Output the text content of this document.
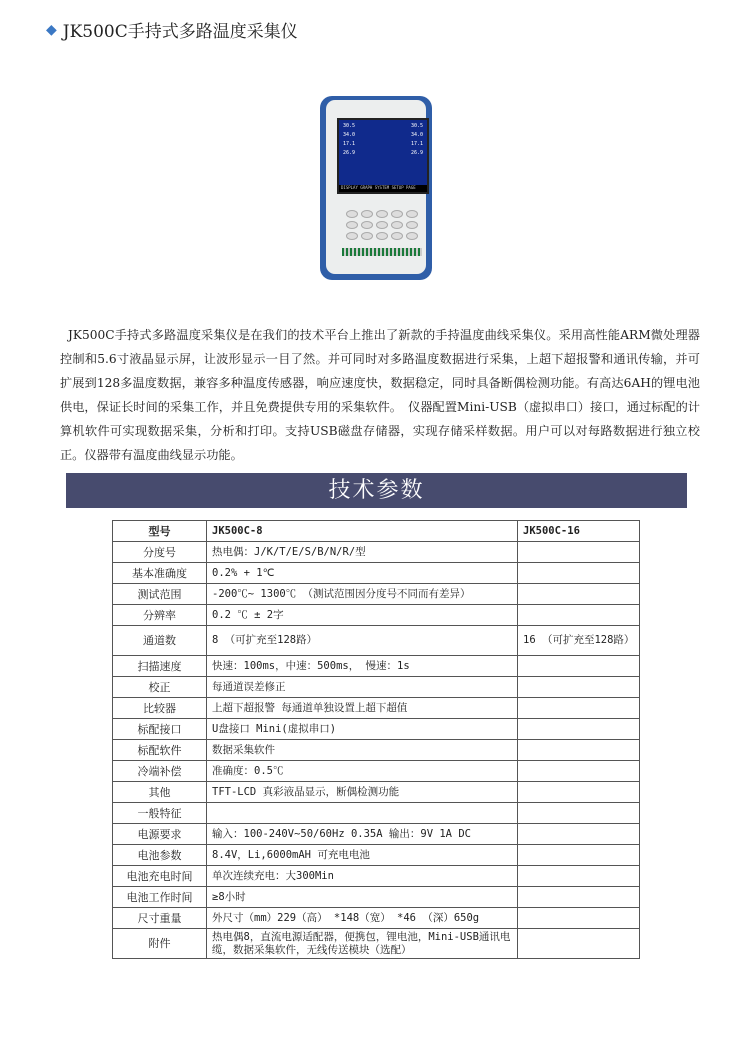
◆ JK500C手持式多路温度采集仪
30.5	30.5
34.0	34.0
17.1	17.1
26.9	26.9
DISPLAY GRAPH SYSTEM SETUP PAGE
JK500C手持式多路温度采集仪是在我们的技术平台上推出了新款的手持温度曲线采集仪。采用高性能ARM微处理器控制和5.6寸液晶显示屏，让波形显示一目了然。并可同时对多路温度数据进行采集，上超下超报警和通讯传输，并可扩展到128多温度数据，兼容多种温度传感器，响应速度快，数据稳定，同时具备断偶检测功能。有高达6AH的锂电池供电，保证长时间的采集工作，并且免费提供专用的采集软件。　仪器配置Mini-USB（虚拟串口）接口，通过标配的计算机软件可实现数据采集，分析和打印。支持USB磁盘存储器，实现存储采样数据。用户可以对每路数据进行独立校正。仪器带有温度曲线显示功能。
技术参数
型号	JK500C-8	JK500C-16
分度号	热电偶：J/K/T/E/S/B/N/R/型	
基本准确度	0.2% + 1℃	
测试范围	-200℃~ 1300℃ （测试范围因分度号不同而有差异）	
分辨率	0.2 ℃ ± 2字	
通道数	8 （可扩充至128路）	16 （可扩充至128路）
扫描速度	快速：100ms，中速：500ms， 慢速：1s	
校正	每通道误差修正	
比较器	上超下超报警 每通道单独设置上超下超值	
标配接口	U盘接口 Mini(虚拟串口)	
标配软件	数据采集软件	
冷端补偿	准确度：0.5℃	
其他	TFT-LCD 真彩液晶显示，断偶检测功能	
一般特征		
电源要求	输入：100-240V~50/60Hz 0.35A 输出：9V 1A DC	
电池参数	8.4V，Li,6000mAH 可充电电池	
电池充电时间	单次连续充电：大300Min	
电池工作时间	≥8小时	
尺寸重量	外尺寸（mm）229（高） *148（宽） *46 （深）650g	
附件	热电偶8，直流电源适配器，便携包，锂电池，Mini-USB通讯电缆，数据采集软件，无线传送模块（选配）	
